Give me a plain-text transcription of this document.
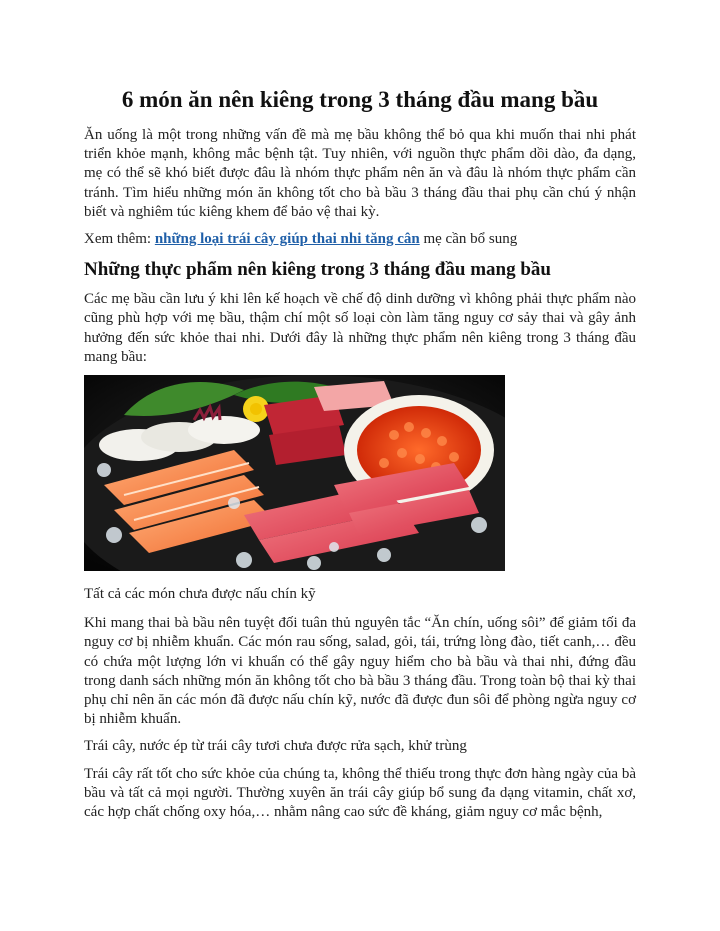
6 món ăn nên kiêng trong 3 tháng đầu mang bầu

Ăn uống là một trong những vấn đề mà mẹ bầu không thể bỏ qua khi muốn thai nhi phát triển khỏe mạnh, không mắc bệnh tật. Tuy nhiên, với nguồn thực phẩm dồi dào, đa dạng, mẹ có thể sẽ khó biết được đâu là nhóm thực phẩm nên ăn và đâu là nhóm thực phẩm cần tránh. Tìm hiểu những món ăn không tốt cho bà bầu 3 tháng đầu thai phụ cần chú ý nhận biết và nghiêm túc kiêng khem để bảo vệ thai kỳ.

Xem thêm: những loại trái cây giúp thai nhi tăng cân mẹ cần bổ sung

Những thực phẩm nên kiêng trong 3 tháng đầu mang bầu

Các mẹ bầu cần lưu ý khi lên kế hoạch về chế độ dinh dưỡng vì không phải thực phẩm nào cũng phù hợp với mẹ bầu, thậm chí một số loại còn làm tăng nguy cơ sảy thai và gây ảnh hưởng đến sức khỏe thai nhi. Dưới đây là những thực phẩm nên kiêng trong 3 tháng đầu mang bầu:

Tất cả các món chưa được nấu chín kỹ

Khi mang thai bà bầu nên tuyệt đối tuân thủ nguyên tắc “Ăn chín, uống sôi” để giảm tối đa nguy cơ bị nhiễm khuẩn. Các món rau sống, salad, gỏi, tái, trứng lòng đào, tiết canh,… đều có chứa một lượng lớn vi khuẩn có thể gây nguy hiểm cho bà bầu và thai nhi, đứng đầu trong danh sách những món ăn không tốt cho bà bầu 3 tháng đầu. Trong toàn bộ thai kỳ thai phụ chỉ nên ăn các món đã được nấu chín kỹ, nước đã được đun sôi để phòng ngừa nguy cơ bị nhiễm khuẩn.

Trái cây, nước ép từ trái cây tươi chưa được rửa sạch, khử trùng

Trái cây rất tốt cho sức khỏe của chúng ta, không thể thiếu trong thực đơn hàng ngày của bà bầu và tất cả mọi người. Thường xuyên ăn trái cây giúp bổ sung đa dạng vitamin, chất xơ, các hợp chất chống oxy hóa,… nhằm nâng cao sức đề kháng, giảm nguy cơ mắc bệnh,
